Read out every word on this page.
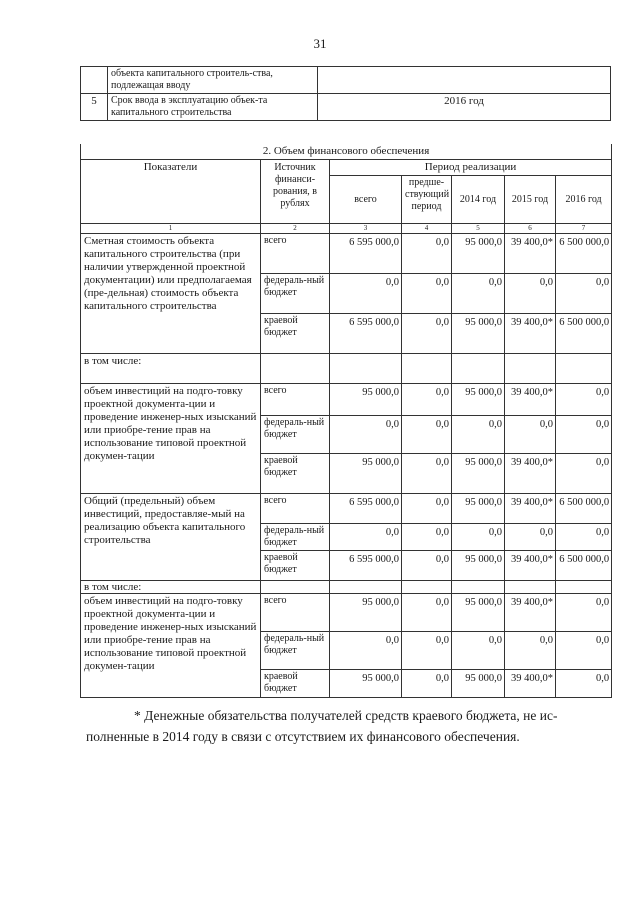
31
	объекта капитального строитель-ства, подлежащая вводу	
5	Срок ввода в эксплуатацию объек-та капитального строительства	2016 год
2. Объем финансового обеспечения						
Показатели	Источник финанси-рования, в рублях	Период реализации				
		всего	предше-ствующий период	2014 год	2015 год	2016 год
1	2	3	4	5	6	7
Сметная стоимость объекта капитального строительства (при наличии утвержденной проектной документации) или предполагаемая (пре-дельная) стоимость объекта капитального строительства	всего	6 595 000,0	0,0	95 000,0	39 400,0*	6 500 000,0
	федераль-ный бюджет	0,0	0,0	0,0	0,0	0,0
	краевой бюджет	6 595 000,0	0,0	95 000,0	39 400,0*	6 500 000,0
в том числе:						
объем инвестиций на подго-товку проектной документа-ции и проведение инженер-ных изысканий или приобре-тение прав на использование типовой проектной докумен-тации	всего	95 000,0	0,0	95 000,0	39 400,0*	0,0
	федераль-ный бюджет	0,0	0,0	0,0	0,0	0,0
	краевой бюджет	95 000,0	0,0	95 000,0	39 400,0*	0,0
Общий (предельный) объем инвестиций, предоставляе-мый на реализацию объекта капитального строительства	всего	6 595 000,0	0,0	95 000,0	39 400,0*	6 500 000,0
	федераль-ный бюджет	0,0	0,0	0,0	0,0	0,0
	краевой бюджет	6 595 000,0	0,0	95 000,0	39 400,0*	6 500 000,0
в том числе:						
объем инвестиций на подго-товку проектной документа-ции и проведение инженер-ных изысканий или приобре-тение прав на использование типовой проектной докумен-тации	всего	95 000,0	0,0	95 000,0	39 400,0*	0,0
	федераль-ный бюджет	0,0	0,0	0,0	0,0	0,0
	краевой бюджет	95 000,0	0,0	95 000,0	39 400,0*	0,0
* Денежные обязательства получателей средств краевого бюджета, не ис-полненные в 2014 году в связи с отсутствием их финансового обеспечения.
